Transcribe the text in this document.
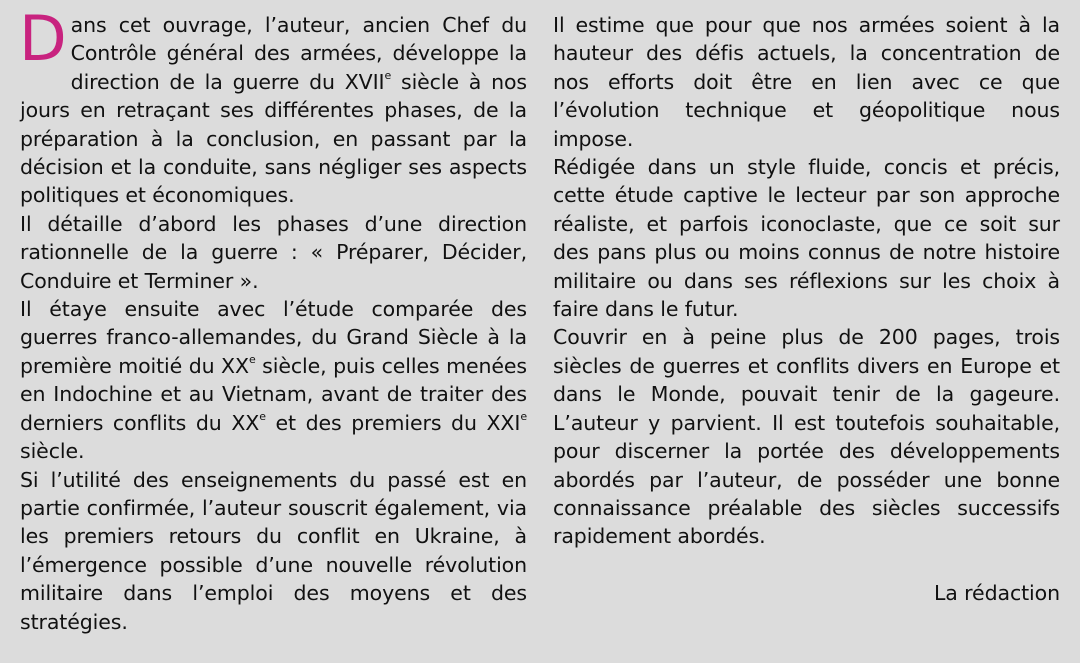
Dans cet ouvrage, l’auteur, ancien Chef du Contrôle général des armées, développe la direction de la guerre du XVIIe siècle à nos jours en retraçant ses différentes phases, de la préparation à la conclusion, en passant par la décision et la conduite, sans négliger ses aspects politiques et économiques.

Il détaille d’abord les phases d’une direction rationnelle de la guerre : « Préparer, Décider, Conduire et Terminer ».

Il étaye ensuite avec l’étude comparée des guerres franco-allemandes, du Grand Siècle à la première moitié du XXe siècle, puis celles menées en Indochine et au Vietnam, avant de traiter des derniers conflits du XXe et des premiers du XXIe siècle.

Si l’utilité des enseignements du passé est en partie confirmée, l’auteur souscrit également, via les premiers retours du conflit en Ukraine, à l’émergence possible d’une nouvelle révolution militaire dans l’emploi des moyens et des stratégies.

Il estime que pour que nos armées soient à la hauteur des défis actuels, la concentration de nos efforts doit être en lien avec ce que l’évolution technique et géopolitique nous impose.

Rédigée dans un style fluide, concis et précis, cette étude captive le lecteur par son approche réaliste, et parfois iconoclaste, que ce soit sur des pans plus ou moins connus de notre histoire militaire ou dans ses réflexions sur les choix à faire dans le futur.

Couvrir en à peine plus de 200 pages, trois siècles de guerres et conflits divers en Europe et dans le Monde, pouvait tenir de la gageure. L’auteur y parvient. Il est toutefois souhaitable, pour discerner la portée des développements abordés par l’auteur, de posséder une bonne connaissance préalable des siècles successifs rapidement abordés.

La rédaction
